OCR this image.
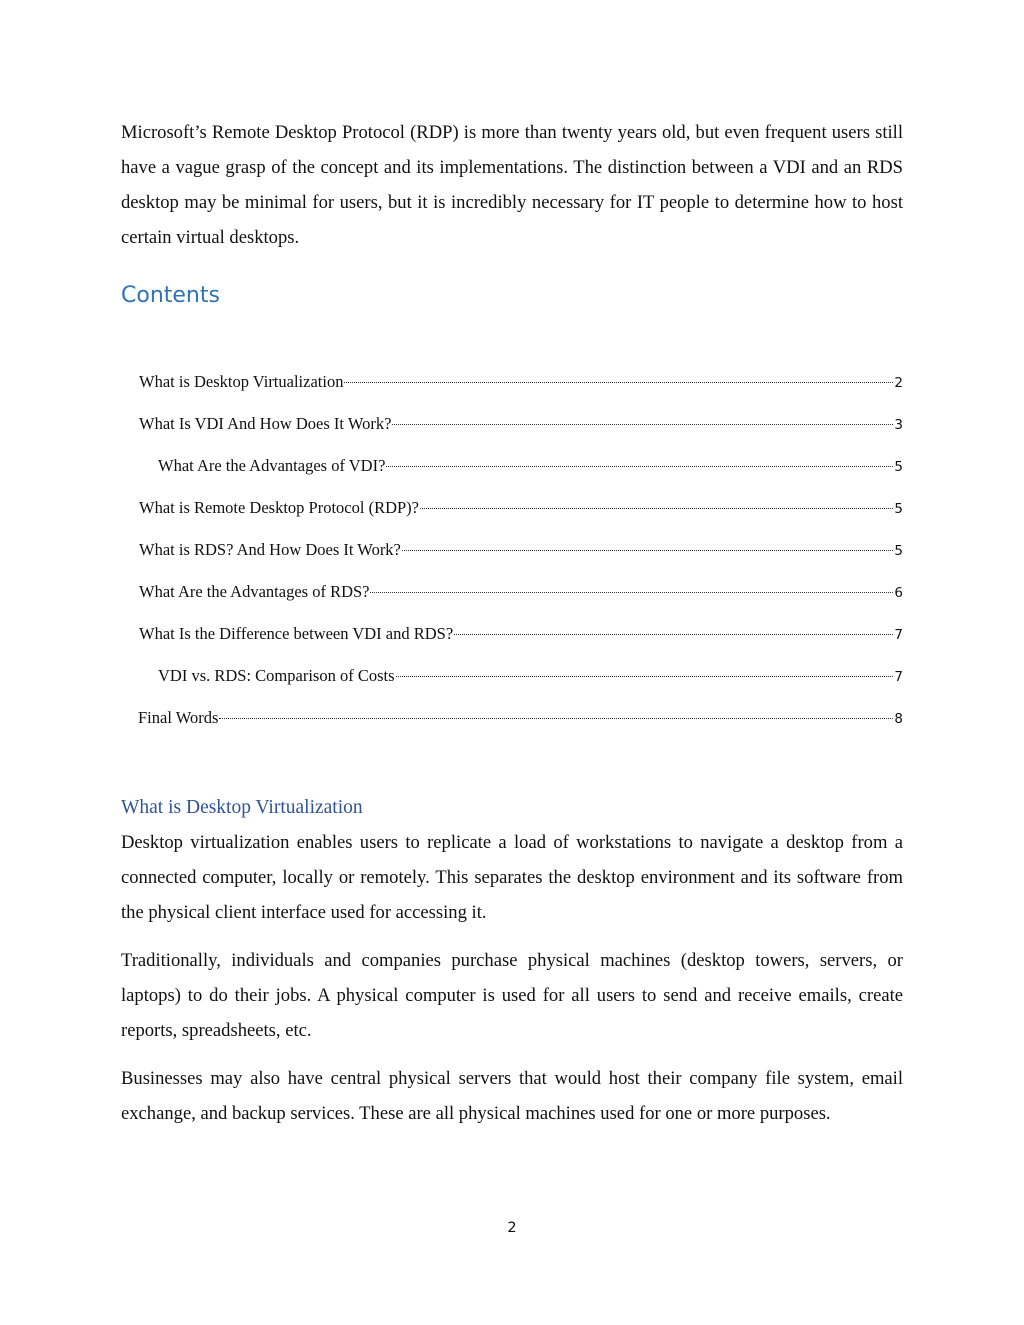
Microsoft’s Remote Desktop Protocol (RDP) is more than twenty years old, but even frequent users still have a vague grasp of the concept and its implementations. The distinction between a VDI and an RDS desktop may be minimal for users, but it is incredibly necessary for IT people to determine how to host certain virtual desktops.

Contents
What is Desktop Virtualization	2
What Is VDI And How Does It Work?	3
What Are the Advantages of VDI?	5
What is Remote Desktop Protocol (RDP)?	5
What is RDS? And How Does It Work?	5
What Are the Advantages of RDS?	6
What Is the Difference between VDI and RDS?	7
VDI vs. RDS: Comparison of Costs	7
Final Words	8
What is Desktop Virtualization

Desktop virtualization enables users to replicate a load of workstations to navigate a desktop from a connected computer, locally or remotely. This separates the desktop environment and its software from the physical client interface used for accessing it.

Traditionally, individuals and companies purchase physical machines (desktop towers, servers, or laptops) to do their jobs. A physical computer is used for all users to send and receive emails, create reports, spreadsheets, etc.

Businesses may also have central physical servers that would host their company file system, email exchange, and backup services. These are all physical machines used for one or more purposes.

2
